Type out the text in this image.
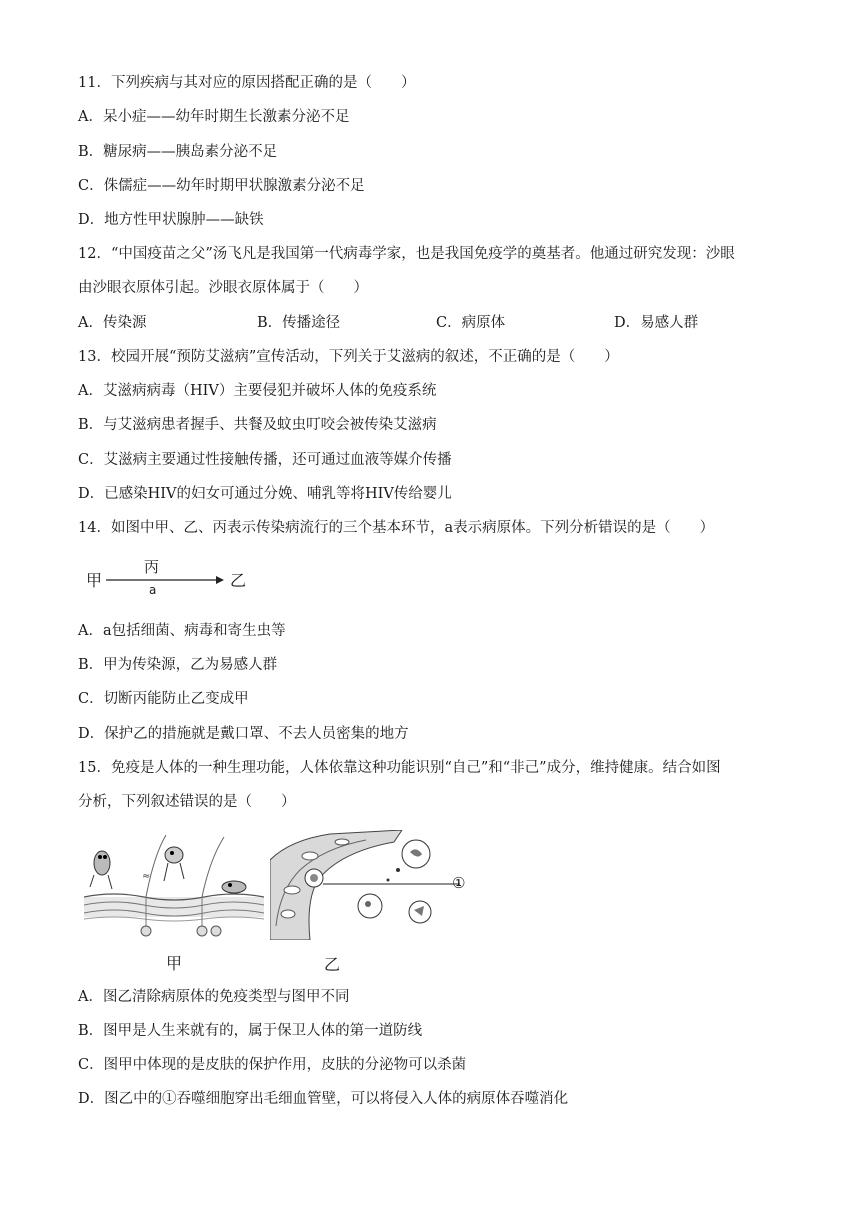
11．下列疾病与其对应的原因搭配正确的是（　　）
A．呆小症——幼年时期生长激素分泌不足
B．糖尿病——胰岛素分泌不足
C．侏儒症——幼年时期甲状腺激素分泌不足
D．地方性甲状腺肿——缺铁
12．“中国疫苗之父”汤飞凡是我国第一代病毒学家，也是我国免疫学的奠基者。他通过研究发现：沙眼
由沙眼衣原体引起。沙眼衣原体属于（　　）
A．传染源	B．传播途径	C．病原体	D．易感人群
13．校园开展“预防艾滋病”宣传活动，下列关于艾滋病的叙述，不正确的是（　　）
A．艾滋病病毒（HIV）主要侵犯并破坏人体的免疫系统
B．与艾滋病患者握手、共餐及蚊虫叮咬会被传染艾滋病
C．艾滋病主要通过性接触传播，还可通过血液等媒介传播
D．已感染HIV的妇女可通过分娩、哺乳等将HIV传给婴儿
14．如图中甲、乙、丙表示传染病流行的三个基本环节，a表示病原体。下列分析错误的是（　　）
甲
丙
a	乙
A．a包括细菌、病毒和寄生虫等
B．甲为传染源，乙为易感人群
C．切断丙能防止乙变成甲
D．保护乙的措施就是戴口罩、不去人员密集的地方
15．免疫是人体的一种生理功能，人体依靠这种功能识别“自己”和“非己”成分，维持健康。结合如图
分析，下列叙述错误的是（　　）
≈
甲
①
乙
A．图乙清除病原体的免疫类型与图甲不同
B．图甲是人生来就有的，属于保卫人体的第一道防线
C．图甲中体现的是皮肤的保护作用，皮肤的分泌物可以杀菌
D．图乙中的①吞噬细胞穿出毛细血管壁，可以将侵入人体的病原体吞噬消化
